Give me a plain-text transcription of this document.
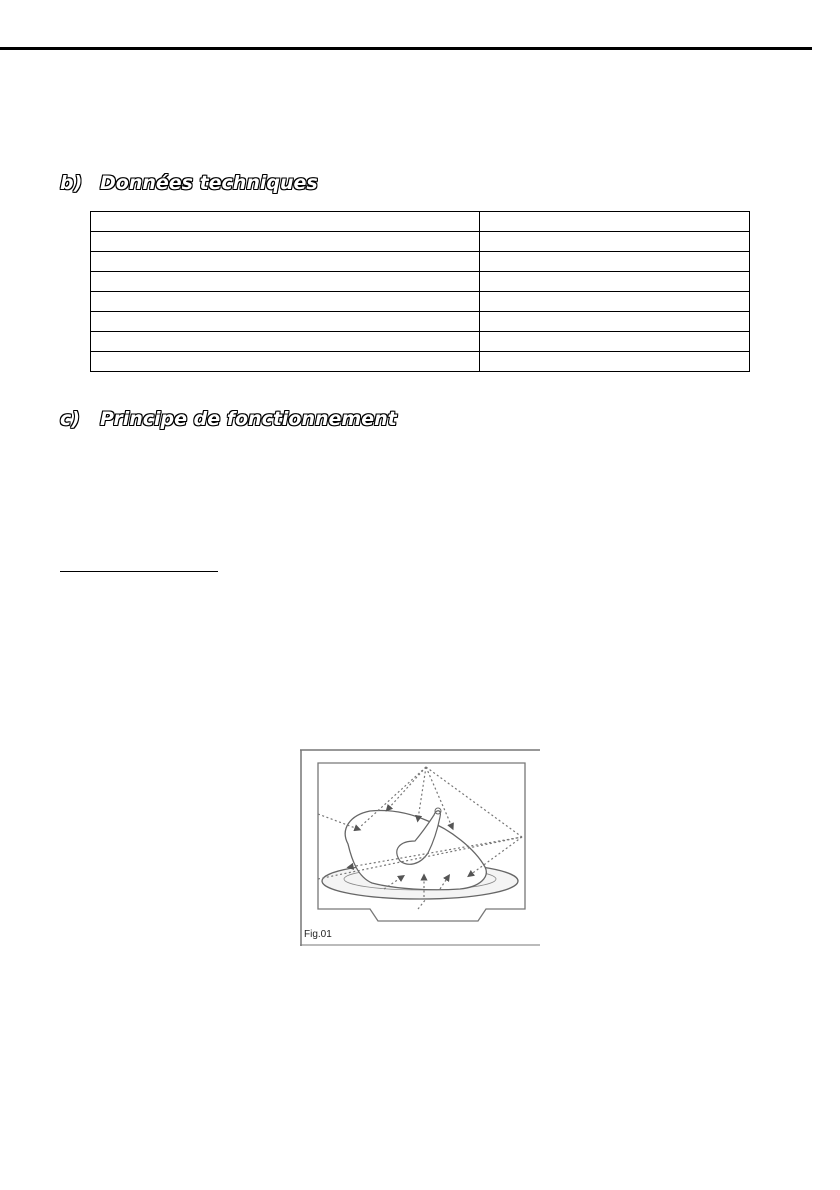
b) Données techniques

c) Principe de fonctionnement
Fig.01
